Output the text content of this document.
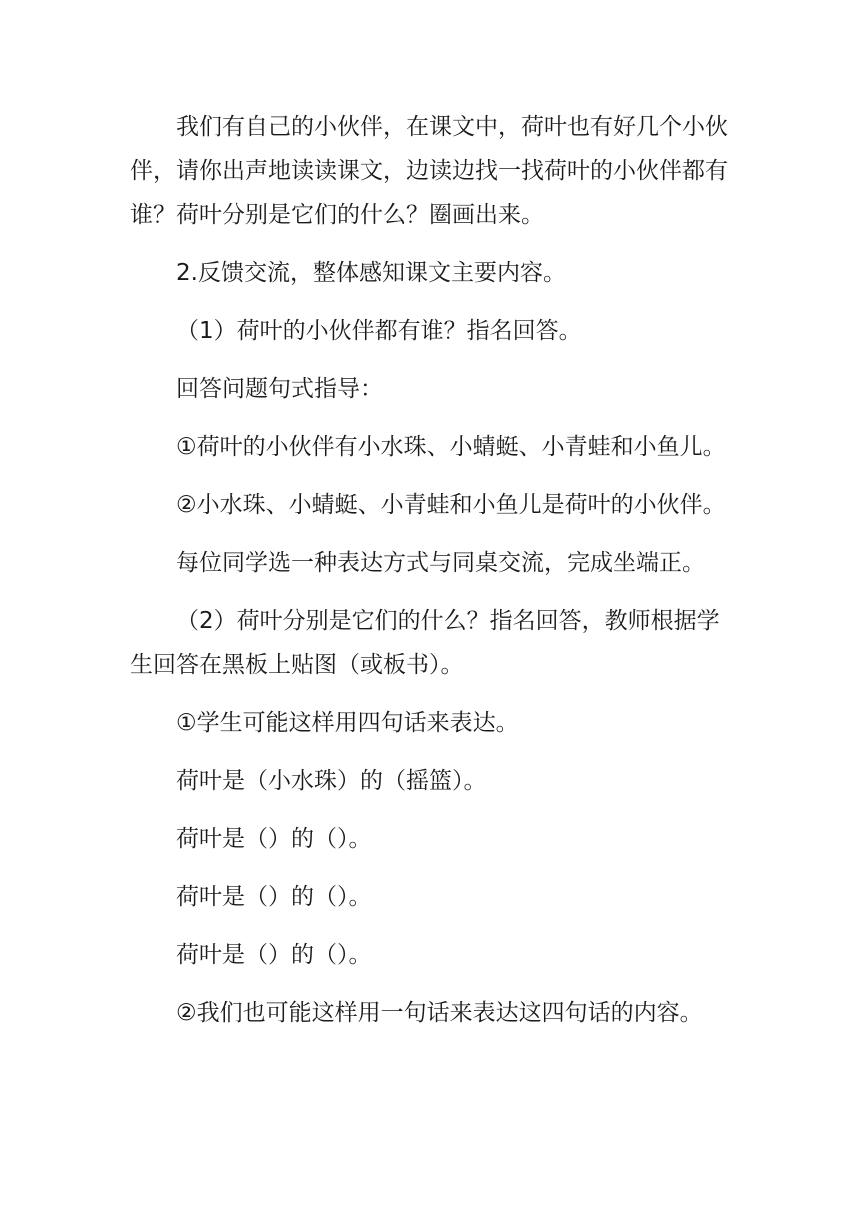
我们有自己的小伙伴，在课文中，荷叶也有好几个小伙伴，请你出声地读读课文，边读边找一找荷叶的小伙伴都有谁？荷叶分别是它们的什么？圈画出来。

2.反馈交流，整体感知课文主要内容。

（1）荷叶的小伙伴都有谁？指名回答。

回答问题句式指导：

①荷叶的小伙伴有小水珠、小蜻蜓、小青蛙和小鱼儿。

②小水珠、小蜻蜓、小青蛙和小鱼儿是荷叶的小伙伴。

每位同学选一种表达方式与同桌交流，完成坐端正。

（2）荷叶分别是它们的什么？指名回答，教师根据学生回答在黑板上贴图（或板书）。

①学生可能这样用四句话来表达。

荷叶是（小水珠）的（摇篮）。

荷叶是（）的（）。

荷叶是（）的（）。

荷叶是（）的（）。

②我们也可能这样用一句话来表达这四句话的内容。
